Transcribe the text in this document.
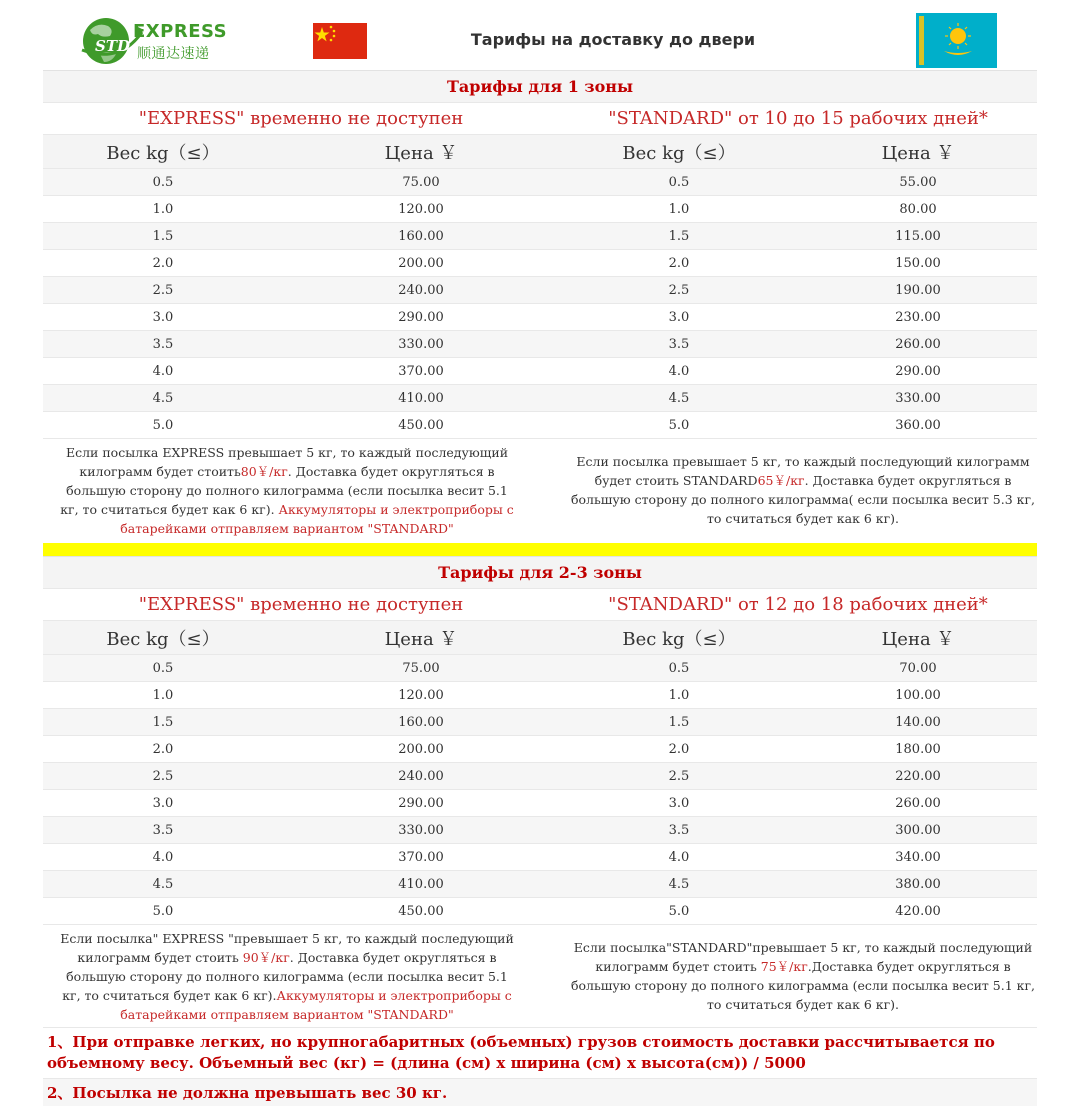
STD
EXPRESS
顺通达速递
Тарифы на доставку до двери
Тарифы для 1 зоны			
"EXPRESS" временно не доступен		"STANDARD" от 10 до 15 рабочих дней*	
Вес kg（≤）	Цена ￥	Вес kg（≤）	Цена ￥
0.5	75.00	0.5	55.00
1.0	120.00	1.0	80.00
1.5	160.00	1.5	115.00
2.0	200.00	2.0	150.00
2.5	240.00	2.5	190.00
3.0	290.00	3.0	230.00
3.5	330.00	3.5	260.00
4.0	370.00	4.0	290.00
4.5	410.00	4.5	330.00
5.0	450.00	5.0	360.00
Если посылка EXPRESS превышает 5 кг, то каждый последующий килограмм будет стоить80￥/кг. Доставка будет округляться в большую сторону до полного килограмма (если посылка весит 5.1 кг, то считаться будет как 6 кг). Аккумуляторы и электроприборы с батарейками отправляем вариантом "STANDARD"	Если посылка превышает 5 кг, то каждый последующий килограмм будет стоить STANDARD65￥/кг. Доставка будет округляться в большую сторону до полного килограмма( если посылка весит 5.3 кг, то считаться будет как 6 кг).
Тарифы для 2-3 зоны			
"EXPRESS" временно не доступен		"STANDARD" от 12 до 18 рабочих дней*	
Вес kg（≤）	Цена ￥	Вес kg（≤）	Цена ￥
0.5	75.00	0.5	70.00
1.0	120.00	1.0	100.00
1.5	160.00	1.5	140.00
2.0	200.00	2.0	180.00
2.5	240.00	2.5	220.00
3.0	290.00	3.0	260.00
3.5	330.00	3.5	300.00
4.0	370.00	4.0	340.00
4.5	410.00	4.5	380.00
5.0	450.00	5.0	420.00
Если посылка" EXPRESS "превышает 5 кг, то каждый последующий килограмм будет стоить 90￥/кг. Доставка будет округляться в большую сторону до полного килограмма (если посылка весит 5.1 кг, то считаться будет как 6 кг).Аккумуляторы и электроприборы с батарейками отправляем вариантом "STANDARD"	Если посылка"STANDARD"превышает 5 кг, то каждый последующий килограмм будет стоить 75￥/кг.Доставка будет округляться в большую сторону до полного килограмма (если посылка весит 5.1 кг, то считаться будет как 6 кг).
1、При отправке легких, но крупногабаритных (объемных) грузов стоимость доставки рассчитывается по объемному весу. Объемный вес (кг) = (длина (см) х ширина (см) х высота(см)) / 5000
2、Посылка не должна превышать вес 30 кг.
